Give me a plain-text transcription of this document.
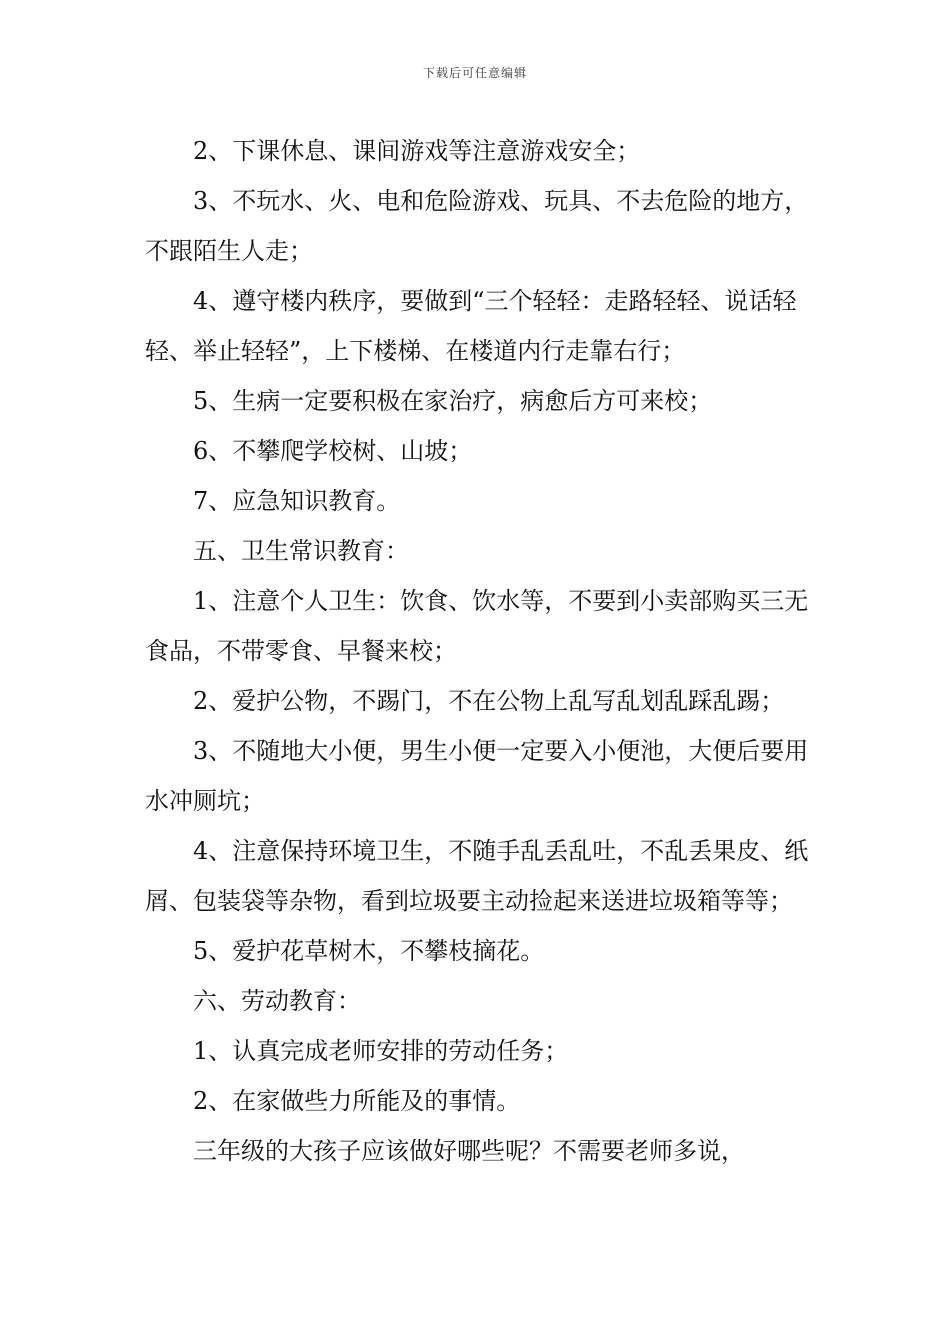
下载后可任意编辑

2、下课休息、课间游戏等注意游戏安全；

3、不玩水、火、电和危险游戏、玩具、不去危险的地方，不跟陌生人走；

4、遵守楼内秩序，要做到“三个轻轻：走路轻轻、说话轻轻、举止轻轻”，上下楼梯、在楼道内行走靠右行；

5、生病一定要积极在家治疗，病愈后方可来校；

6、不攀爬学校树、山坡；

7、应急知识教育。

五、卫生常识教育：

1、注意个人卫生：饮食、饮水等，不要到小卖部购买三无食品，不带零食、早餐来校；

2、爱护公物，不踢门，不在公物上乱写乱划乱踩乱踢；

3、不随地大小便，男生小便一定要入小便池，大便后要用水冲厕坑；

4、注意保持环境卫生，不随手乱丢乱吐，不乱丢果皮、纸屑、包装袋等杂物，看到垃圾要主动捡起来送进垃圾箱等等；

5、爱护花草树木，不攀枝摘花。

六、劳动教育：

1、认真完成老师安排的劳动任务；

2、在家做些力所能及的事情。

三年级的大孩子应该做好哪些呢？不需要老师多说，
